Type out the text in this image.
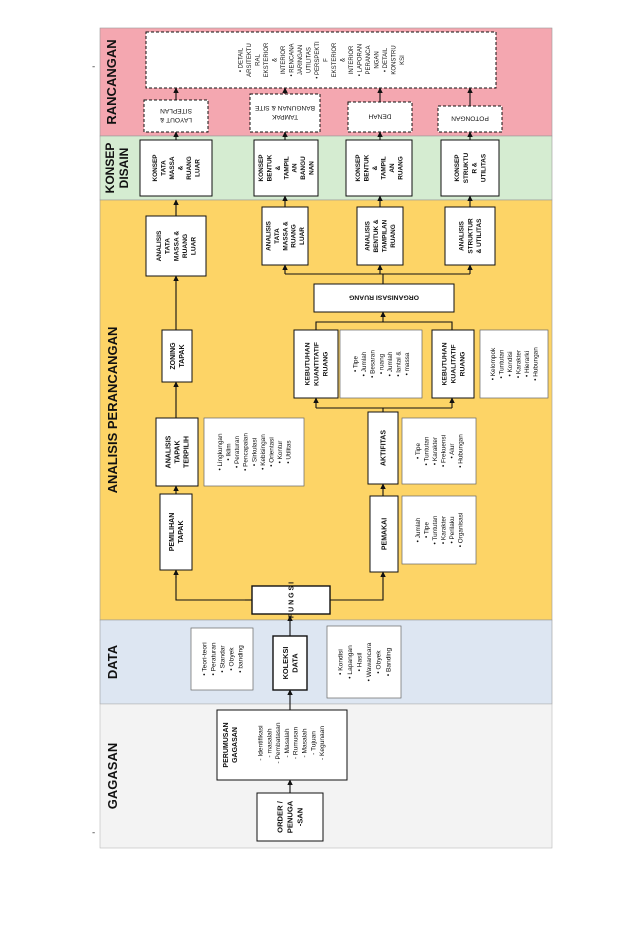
RANCANGAN
KONSEP DISAIN
ANALISIS PERANCANGAN
DATA
GAGASAN
ORDER /PENUGA-SAN
PERUMUSAN GAGASAN	- Identifikasi - masalah - Pembatasan - Masalah - Rumusan - Masalah - Tujuan - Kegunaan
• Teori-teori • Peraturan • Standar • Obyek • banding	KOLEKSIDATA	• Kondisi • Lapangan • Hasil • Wawancara • Obyek • Banding
F U N G S I
PEMILIHAN TAPAK
ANALISIS TAPAK TERPILIH	• Lingkungan • Iklim • Peraturan • Pencapaian • Sirkulasi • Kebisingan • Orientasi • Kontur • Utilitas
ZONING TAPAK
ANALISIS TATA MASSA & RUANG LUAR
PEMAKAI	• Jumlah • Tipe • Tuntutan • Karakter • Perilaku • Organisasi
AKTIFITAS	• Tipe • Tuntutan • Karakter • Frekuensi • Alur • Hubungan
KEBUTUHAN KUANTITATIF RUANG	• Tipe • Jumlah • Besaran • ruang • Jumlah • lantai & • massa	KEBUTUHAN KUALITATIF RUANG	• Kelompok • Tuntutan • Kondisi • Karakter • Hierarki • Hubungan
ORGANISASI RUANG
ANALISISTATAMASSA &RUANGLUAR	ANALISIS BENTUK & TAMPILAN RUANG	ANALISIS STRUKTUR & UTILITAS
KONSEP TATA MASSA & RUANG LUAR	KONSEPBENTUK&TAMPILANBANGUNAN	KONSEP BENTUK & TAMPIL AN RUANG	KONSEP STRUKTU R & UTILITAS
LAYOUT &SITEPLAN
TAMPAKBANGUNAN & SITE
DENAH	POTONGAN
• DETAIL ARSITEKTU RAL EKSTERIOR & INTERIOR • RENCANA JARINGAN UTILITAS • PERSPEKTI F EKSTERIOR & INTERIOR • LAPORAN PERANCA NGAN • DETAIL KONSTRU KSI
-
-
